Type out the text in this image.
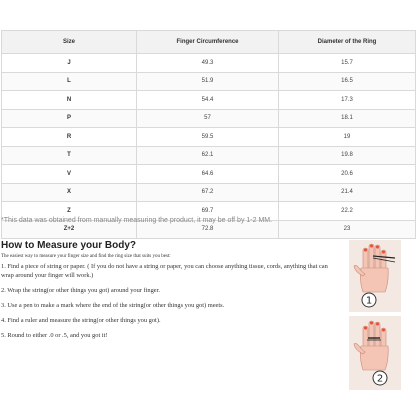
Size	Finger Circumference	Diameter of the Ring
J	49.3	15.7
L	51.9	16.5
N	54.4	17.3
P	57	18.1
R	59.5	19
T	62.1	19.8
V	64.6	20.6
X	67.2	21.4
Z	69.7	22.2
Z+2	72.8	23
*This data was obtained from manually measuring the product, it may be off by 1-2 MM.
How to Measure your Body?
The easiest way to measure your finger size and find the ring size that suits you best:
1. Find a piece of string or paper. ( If you do not have a string or paper, you can choose anything tissue, cords, anything that can wrap around your finger will work.)
2. Wrap the string(or other things you got) around your finger.
3. Use a pen to make a mark where the end of the string(or other things you got) meets.
4. Find a ruler and measure the string(or other things you got).
5. Round to either .0 or .5, and you got it!
1
2
